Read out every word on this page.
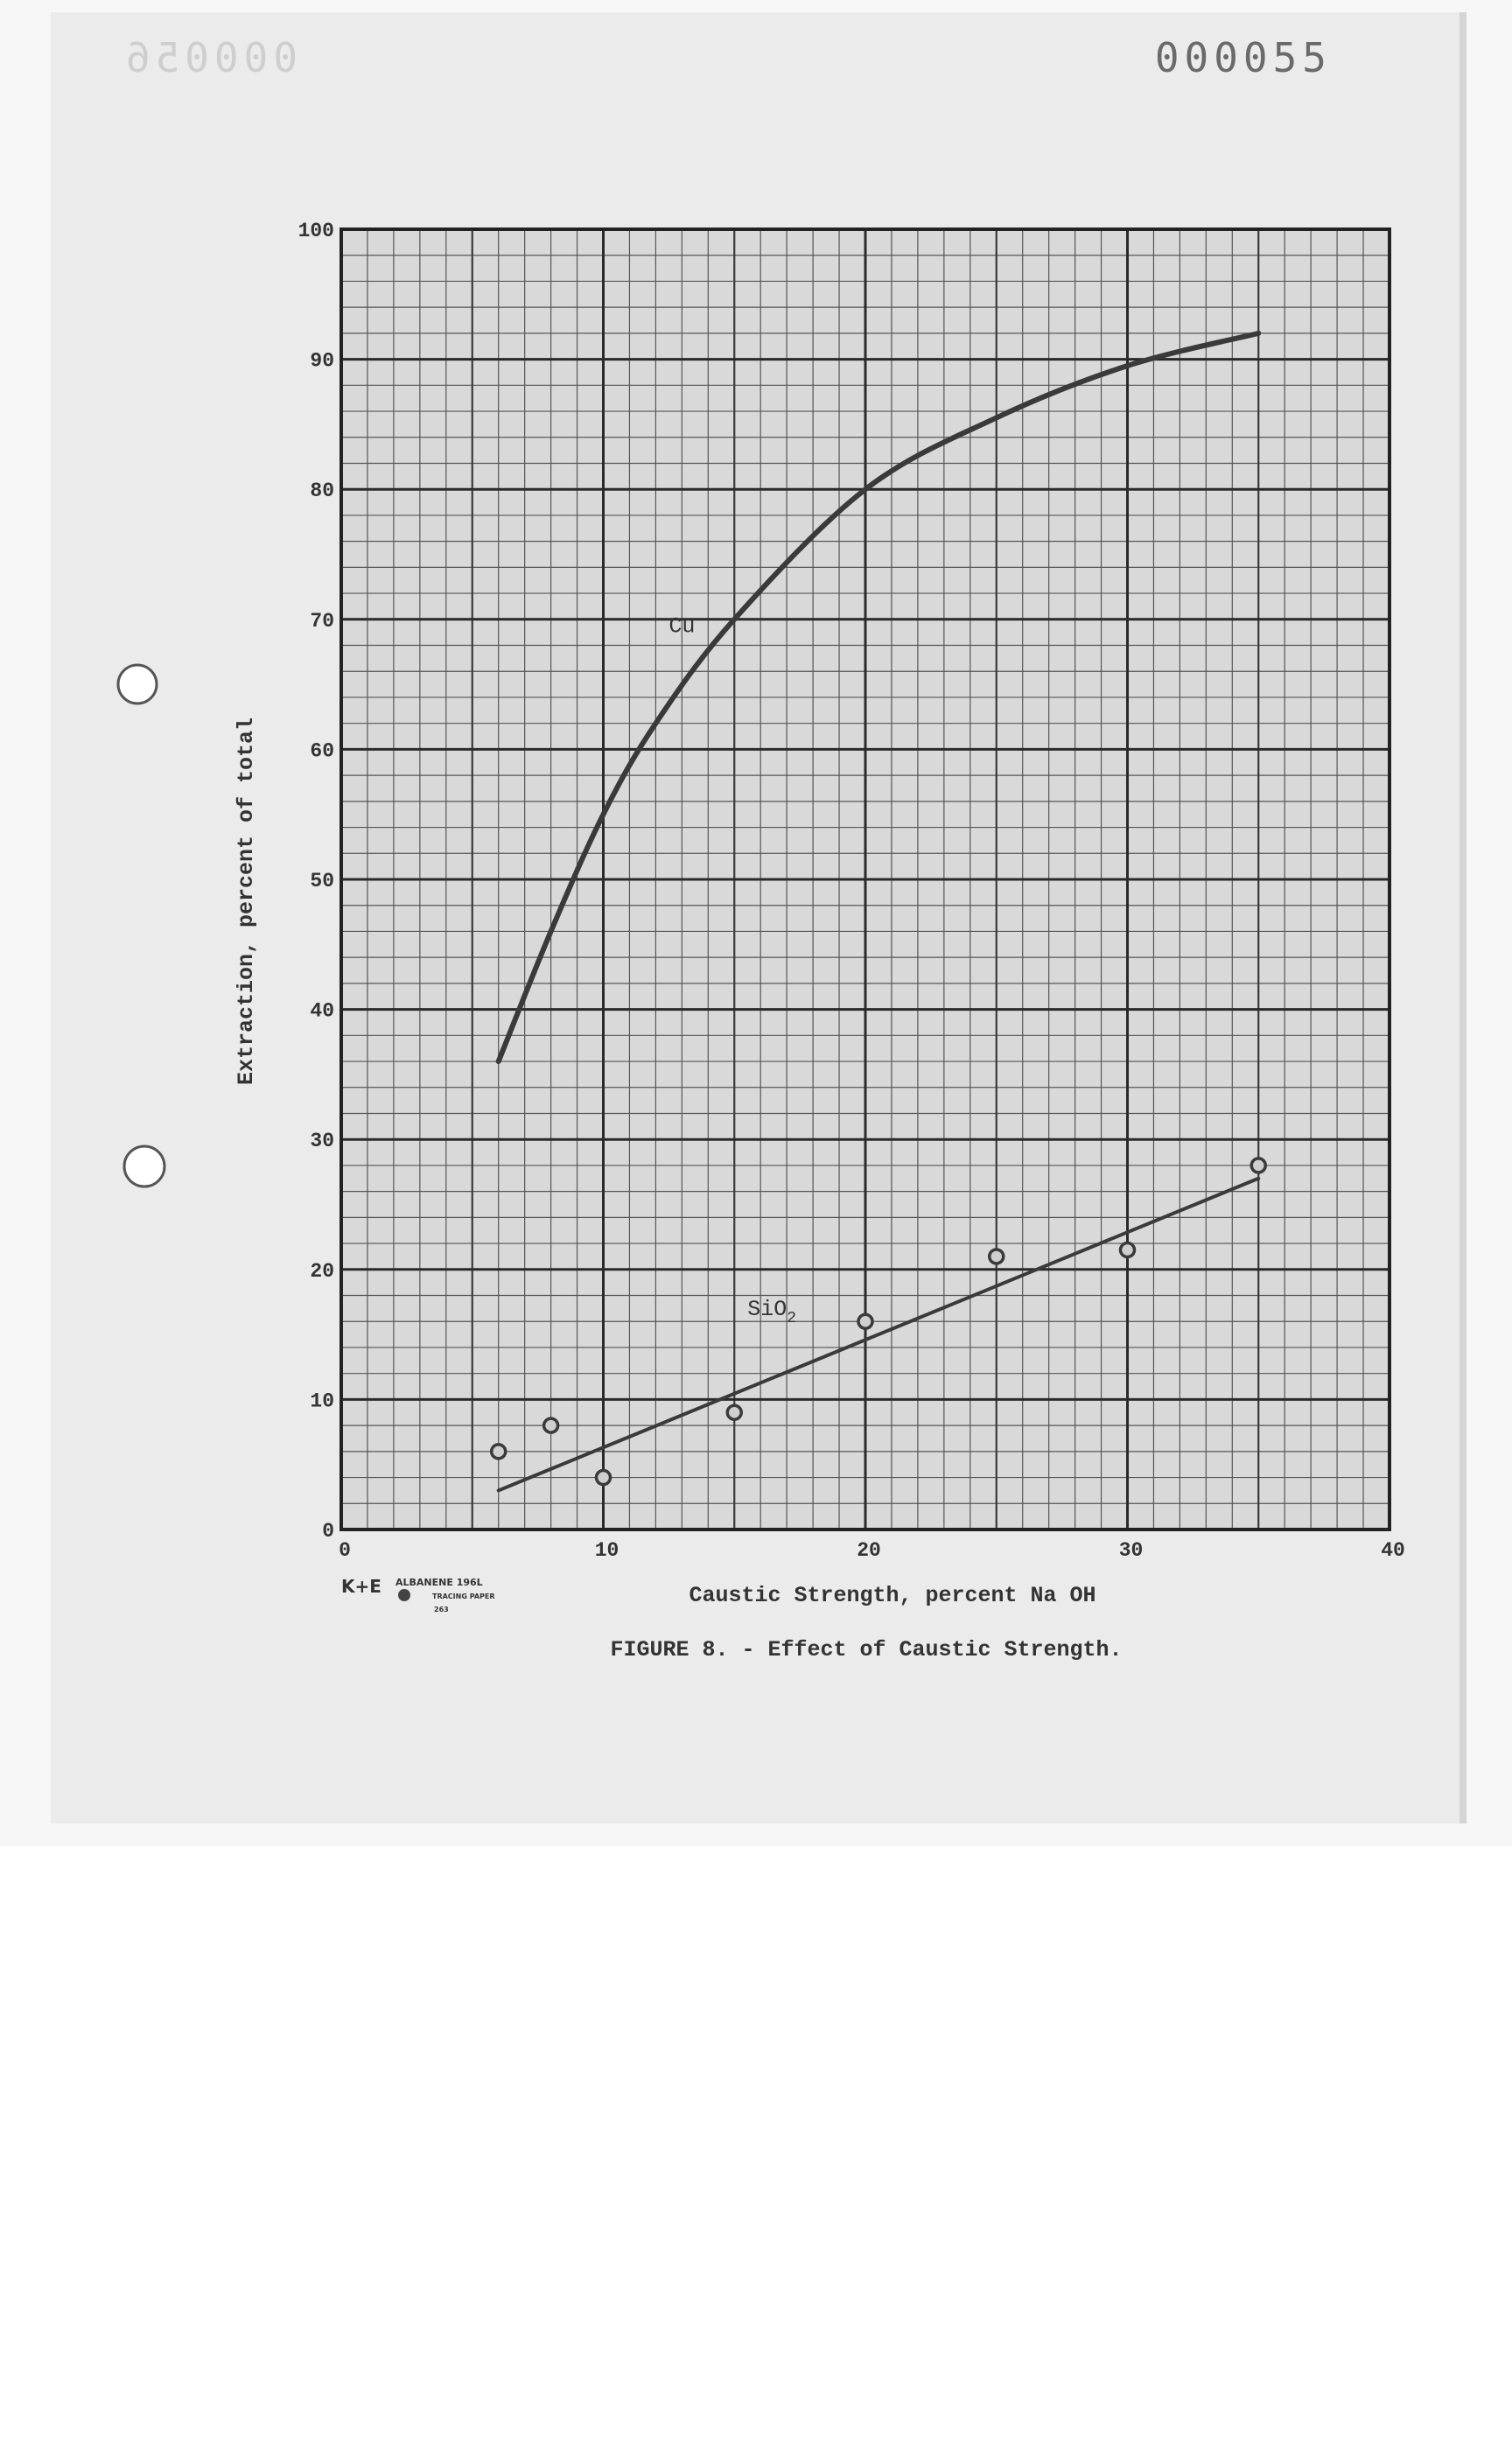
000055
000056
0
10
20
30
40
50
60
70
80
90
100
0	10	20	30	40
Cu
SiO$_2$
Extraction, percent of total
Caustic Strength, percent Na OH
FIGURE 8. - Effect of Caustic Strength.
K+E ALBANENE 196L
TRACING PAPER
263
